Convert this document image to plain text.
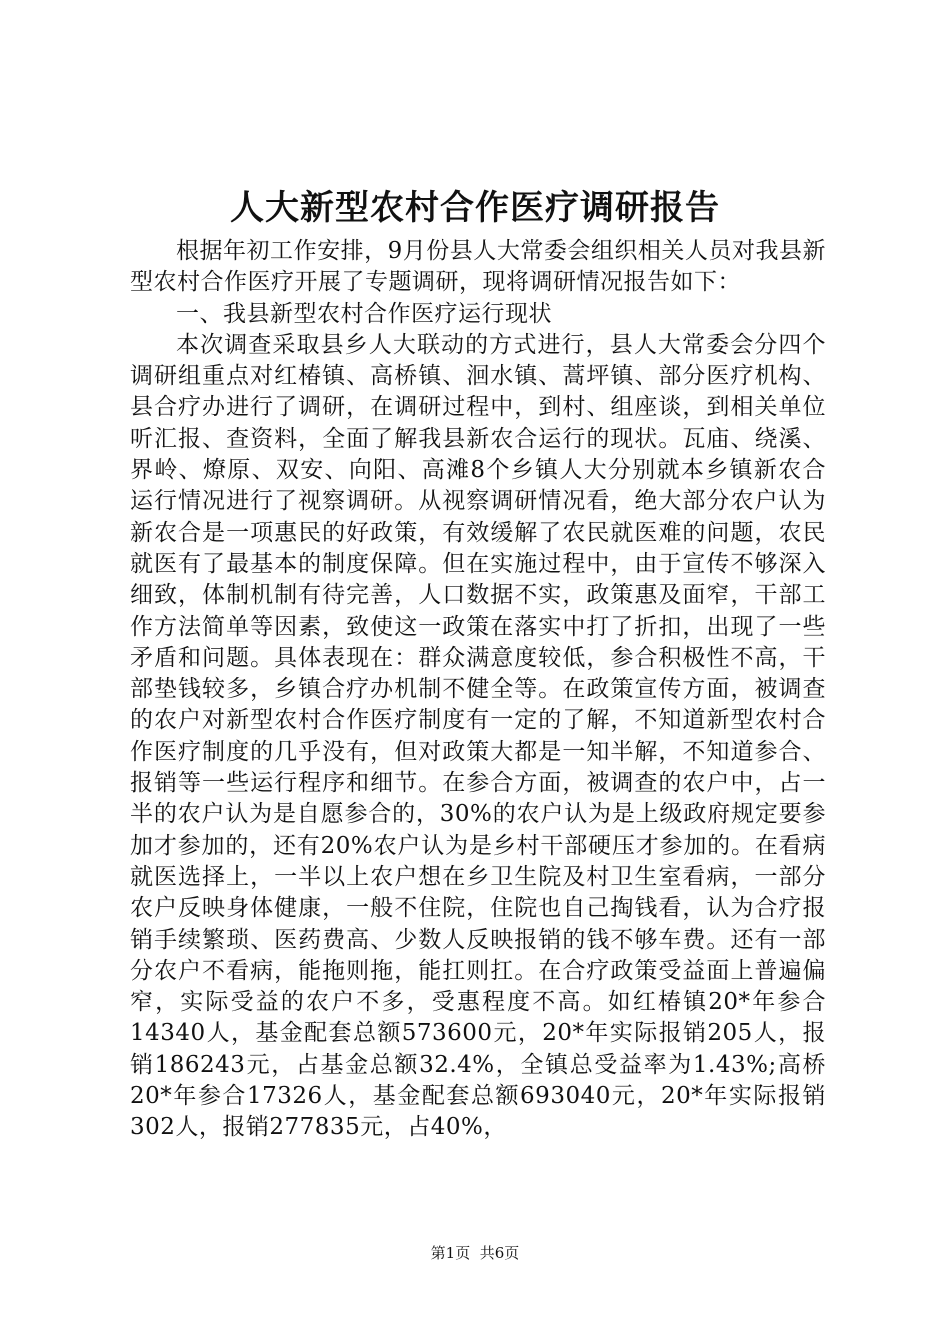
人大新型农村合作医疗调研报告

根据年初工作安排，9月份县人大常委会组织相关人员对我县新型农村合作医疗开展了专题调研，现将调研情况报告如下：

一、我县新型农村合作医疗运行现状

本次调查采取县乡人大联动的方式进行，县人大常委会分四个调研组重点对红椿镇、高桥镇、洄水镇、蒿坪镇、部分医疗机构、县合疗办进行了调研，在调研过程中，到村、组座谈，到相关单位听汇报、查资料，全面了解我县新农合运行的现状。瓦庙、绕溪、界岭、燎原、双安、向阳、高滩8个乡镇人大分别就本乡镇新农合运行情况进行了视察调研。从视察调研情况看，绝大部分农户认为新农合是一项惠民的好政策，有效缓解了农民就医难的问题，农民就医有了最基本的制度保障。但在实施过程中，由于宣传不够深入细致，体制机制有待完善，人口数据不实，政策惠及面窄，干部工作方法简单等因素，致使这一政策在落实中打了折扣，出现了一些矛盾和问题。具体表现在：群众满意度较低，参合积极性不高，干部垫钱较多，乡镇合疗办机制不健全等。在政策宣传方面，被调查的农户对新型农村合作医疗制度有一定的了解，不知道新型农村合作医疗制度的几乎没有，但对政策大都是一知半解，不知道参合、报销等一些运行程序和细节。在参合方面，被调查的农户中，占一半的农户认为是自愿参合的，30%的农户认为是上级政府规定要参加才参加的，还有20%农户认为是乡村干部硬压才参加的。在看病就医选择上，一半以上农户想在乡卫生院及村卫生室看病，一部分农户反映身体健康，一般不住院，住院也自己掏钱看，认为合疗报销手续繁琐、医药费高、少数人反映报销的钱不够车费。还有一部分农户不看病，能拖则拖，能扛则扛。在合疗政策受益面上普遍偏窄，实际受益的农户不多，受惠程度不高。如红椿镇20*年参合14340人，基金配套总额573600元，20*年实际报销205人，报销186243元，占基金总额32.4%，全镇总受益率为1.43%;高桥20*年参合17326人，基金配套总额693040元，20*年实际报销302人，报销277835元，占40%，

第1页 共6页
